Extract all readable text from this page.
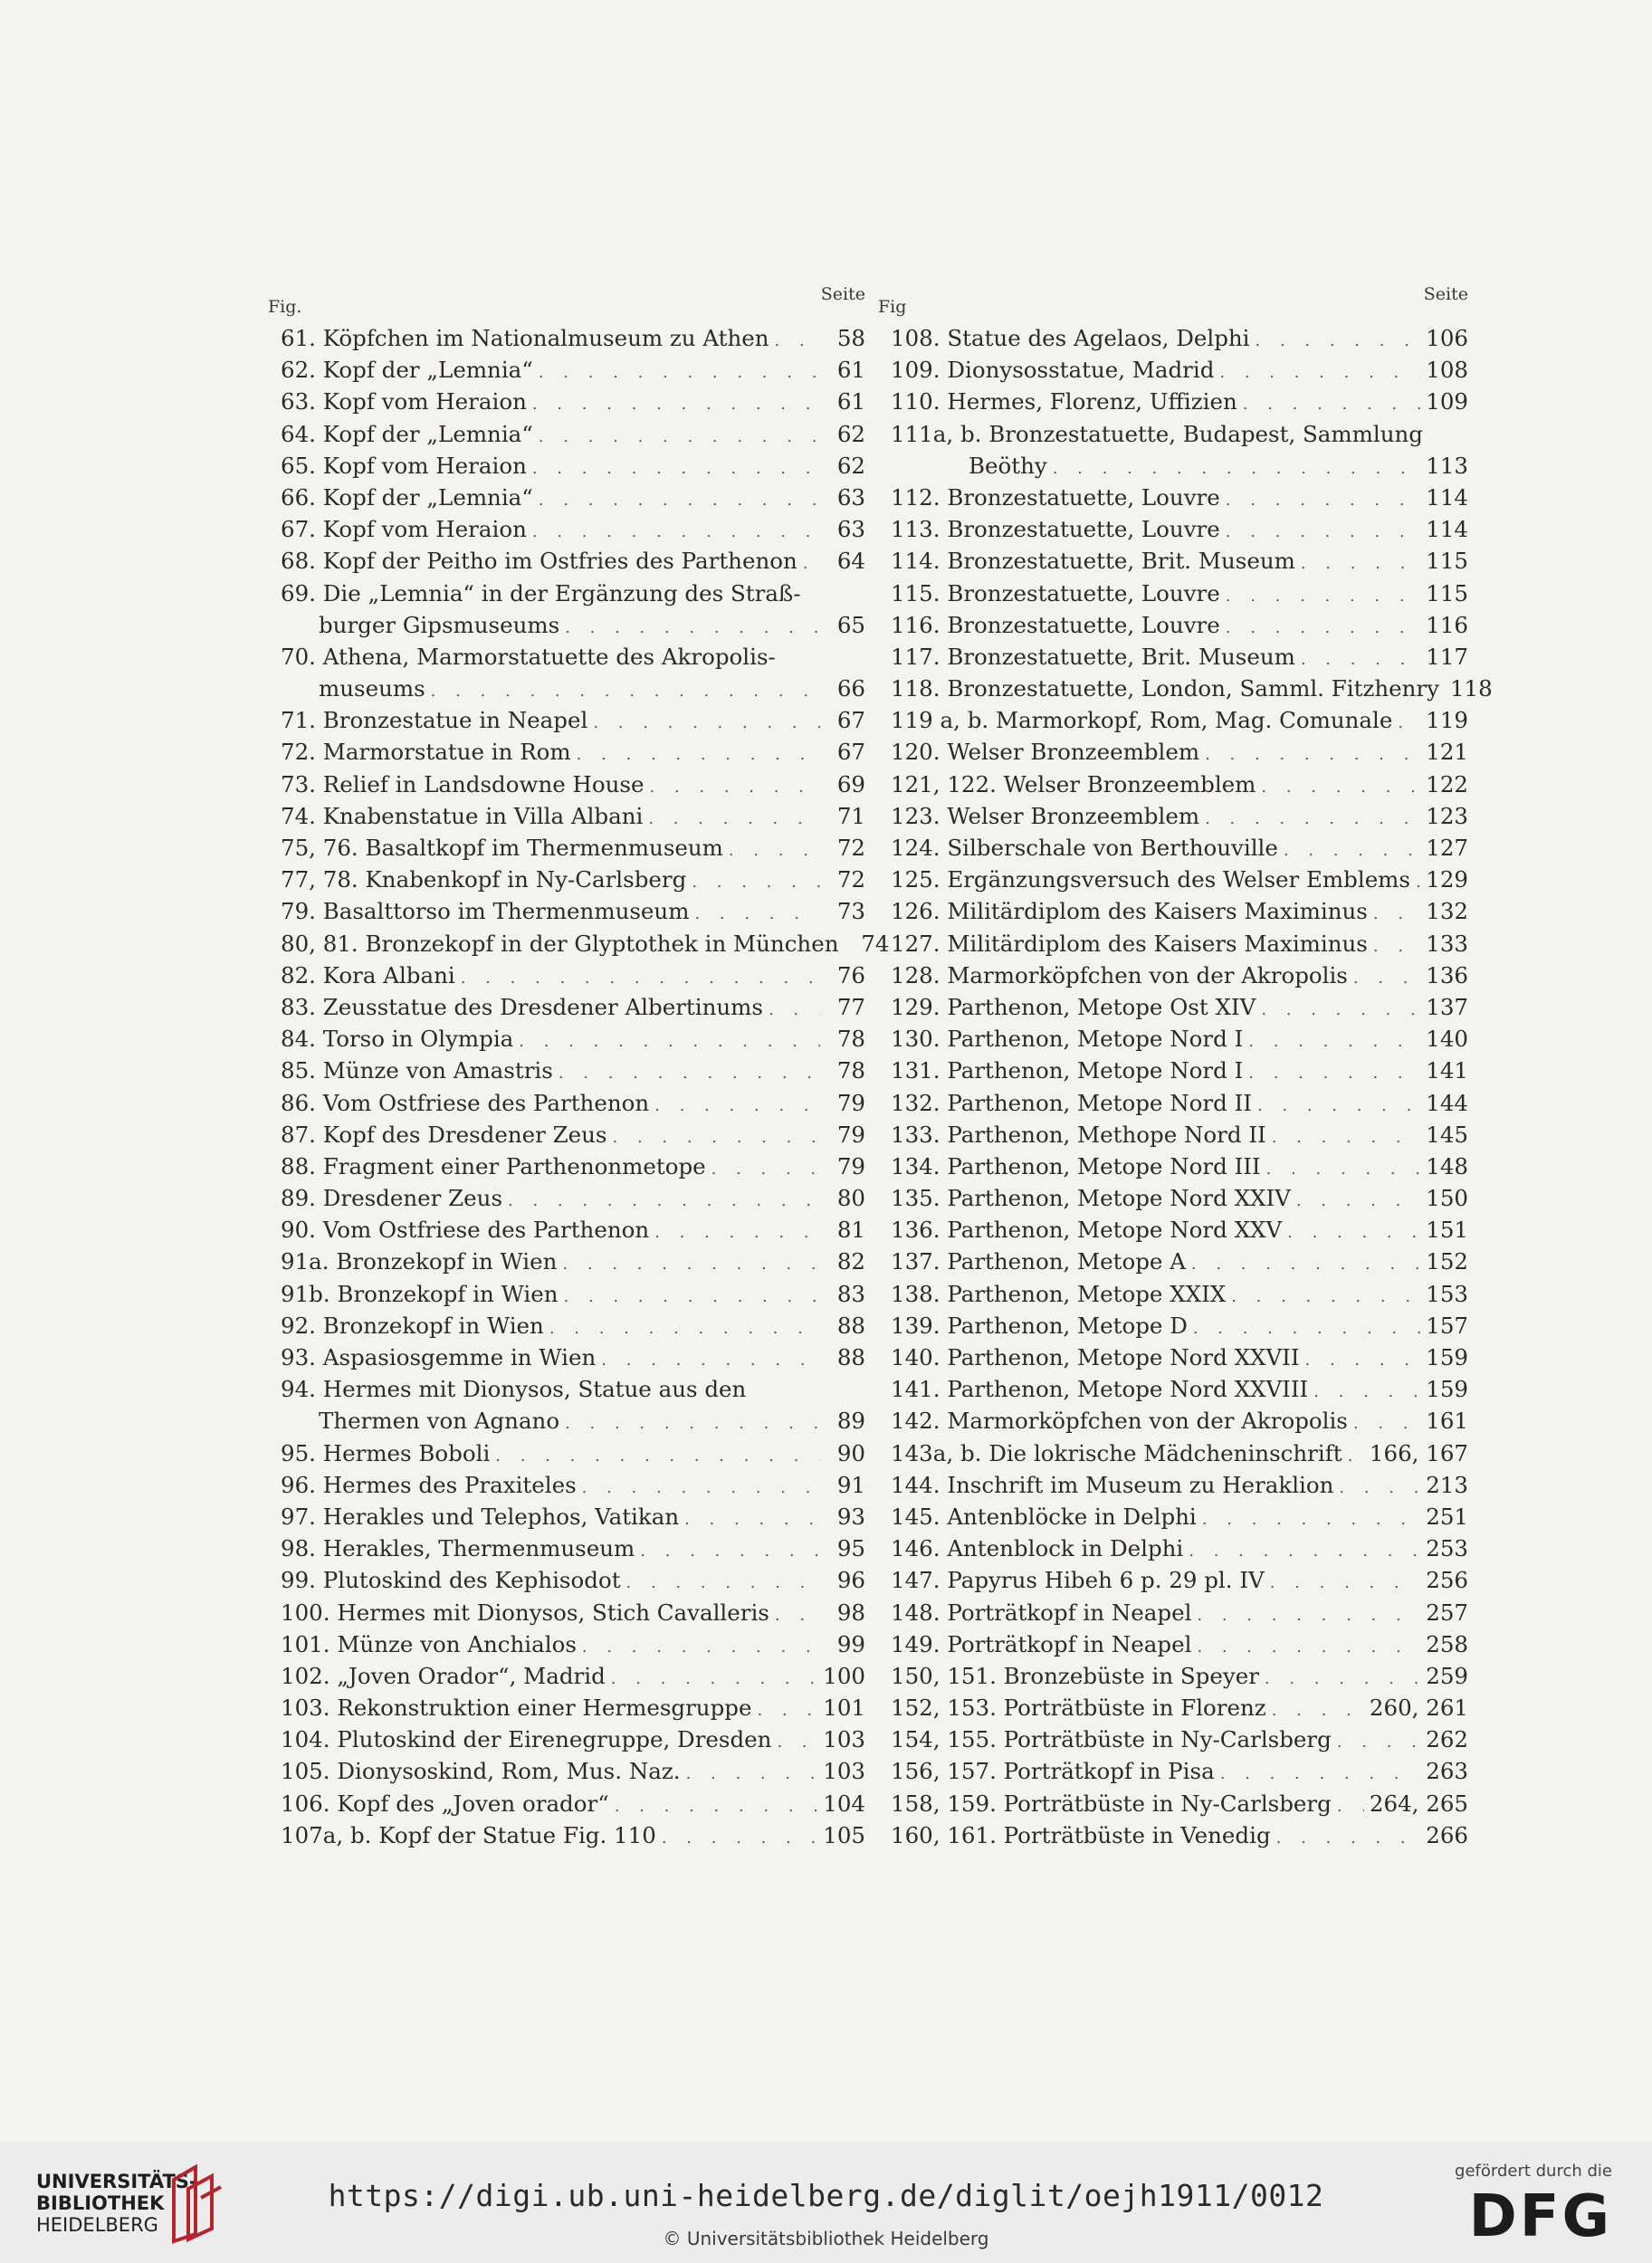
Fig.
Seite
61. Köpfchen im Nationalmuseum zu Athen . . .	58
62. Kopf der „Lemnia“ . . .	61
63. Kopf vom Heraion . . .	61
64. Kopf der „Lemnia“ . . .	62
65. Kopf vom Heraion . . .	62
66. Kopf der „Lemnia“ . . .	63
67. Kopf vom Heraion . . .	63
68. Kopf der Peitho im Ostfries des Parthenon . . .	64
69. Die „Lemnia“ in der Ergänzung des Straß-
burger Gipsmuseums . . .	65
70. Athena, Marmorstatuette des Akropolis-
museums . . .	66
71. Bronzestatue in Neapel . . .	67
72. Marmorstatue in Rom . . .	67
73. Relief in Landsdowne House . . .	69
74. Knabenstatue in Villa Albani . . .	71
75, 76. Basaltkopf im Thermenmuseum . . .	72
77, 78. Knabenkopf in Ny-Carlsberg . . .	72
79. Basalttorso im Thermenmuseum . . .	73
80, 81. Bronzekopf in der Glyptothek in München	74
82. Kora Albani . . .	76
83. Zeusstatue des Dresdener Albertinums . . .	77
84. Torso in Olympia . . .	78
85. Münze von Amastris . . .	78
86. Vom Ostfriese des Parthenon . . .	79
87. Kopf des Dresdener Zeus . . .	79
88. Fragment einer Parthenonmetope . . .	79
89. Dresdener Zeus . . .	80
90. Vom Ostfriese des Parthenon . . .	81
91a. Bronzekopf in Wien . . .	82
91b. Bronzekopf in Wien . . .	83
92. Bronzekopf in Wien . . .	88
93. Aspasiosgemme in Wien . . .	88
94. Hermes mit Dionysos, Statue aus den
Thermen von Agnano . . .	89
95. Hermes Boboli . . .	90
96. Hermes des Praxiteles . . .	91
97. Herakles und Telephos, Vatikan . . .	93
98. Herakles, Thermenmuseum . . .	95
99. Plutoskind des Kephisodot . . .	96
100. Hermes mit Dionysos, Stich Cavalleris . . .	98
101. Münze von Anchialos . . .	99
102. „Joven Orador“, Madrid . . .	100
103. Rekonstruktion einer Hermesgruppe . . .	101
104. Plutoskind der Eirenegruppe, Dresden . . . 103
105. Dionysoskind, Rom, Mus. Naz. . . .	103
106. Kopf des „Joven orador“ . . .	104
107a, b. Kopf der Statue Fig. 110 . . .	105
Fig
Seite
108. Statue des Agelaos, Delphi . . .	106
109. Dionysosstatue, Madrid . . .	108
110. Hermes, Florenz, Uffizien . . .	109
111a, b. Bronzestatuette, Budapest, Sammlung
Beöthy . . .	113
112. Bronzestatuette, Louvre . . .	114
113. Bronzestatuette, Louvre . . .	114
114. Bronzestatuette, Brit. Museum . . .	115
115. Bronzestatuette, Louvre . . .	115
116. Bronzestatuette, Louvre . . .	116
117. Bronzestatuette, Brit. Museum . . .	117
118. Bronzestatuette, London, Samml. Fitzhenry 118
119 a, b. Marmorkopf, Rom, Mag. Comunale . . . 119
120. Welser Bronzeemblem . . .	121
121, 122. Welser Bronzeemblem . . .	122
123. Welser Bronzeemblem . . .	123
124. Silberschale von Berthouville . . .	127
125. Ergänzungsversuch des Welser Emblems . . . 129
126. Militärdiplom des Kaisers Maximinus . . .	132
127. Militärdiplom des Kaisers Maximinus . . .	133
128. Marmorköpfchen von der Akropolis . . .	136
129. Parthenon, Metope Ost XIV . . .	137
130. Parthenon, Metope Nord I . . .	140
131. Parthenon, Metope Nord I . . .	141
132. Parthenon, Metope Nord II . . .	144
133. Parthenon, Methope Nord II . . .	145
134. Parthenon, Metope Nord III . . .	148
135. Parthenon, Metope Nord XXIV . . .	150
136. Parthenon, Metope Nord XXV . . .	151
137. Parthenon, Metope A . . .	152
138. Parthenon, Metope XXIX . . .	153
139. Parthenon, Metope D . . .	157
140. Parthenon, Metope Nord XXVII . . .	159
141. Parthenon, Metope Nord XXVIII . . .	159
142. Marmorköpfchen von der Akropolis . . .	161
143a, b. Die lokrische Mädcheninschrift . . . 166, 167
144. Inschrift im Museum zu Heraklion . . .	213
145. Antenblöcke in Delphi . . .	251
146. Antenblock in Delphi . . .	253
147. Papyrus Hibeh 6 p. 29 pl. IV . . .	256
148. Porträtkopf in Neapel . . .	257
149. Porträtkopf in Neapel . . .	258
150, 151. Bronzebüste in Speyer . . .	259
152, 153. Porträtbüste in Florenz . . .	260, 261
154, 155. Porträtbüste in Ny-Carlsberg . . .	262
156, 157. Porträtkopf in Pisa . . .	263
158, 159. Porträtbüste in Ny-Carlsberg . . . 264, 265
160, 161. Porträtbüste in Venedig . . .	266
UNIVERSITÄTS-
BIBLIOTHEK
HEIDELBERG
https://digi.ub.uni-heidelberg.de/diglit/oejh1911/0012
© Universitätsbibliothek Heidelberg
gefördert durch die
DFG
